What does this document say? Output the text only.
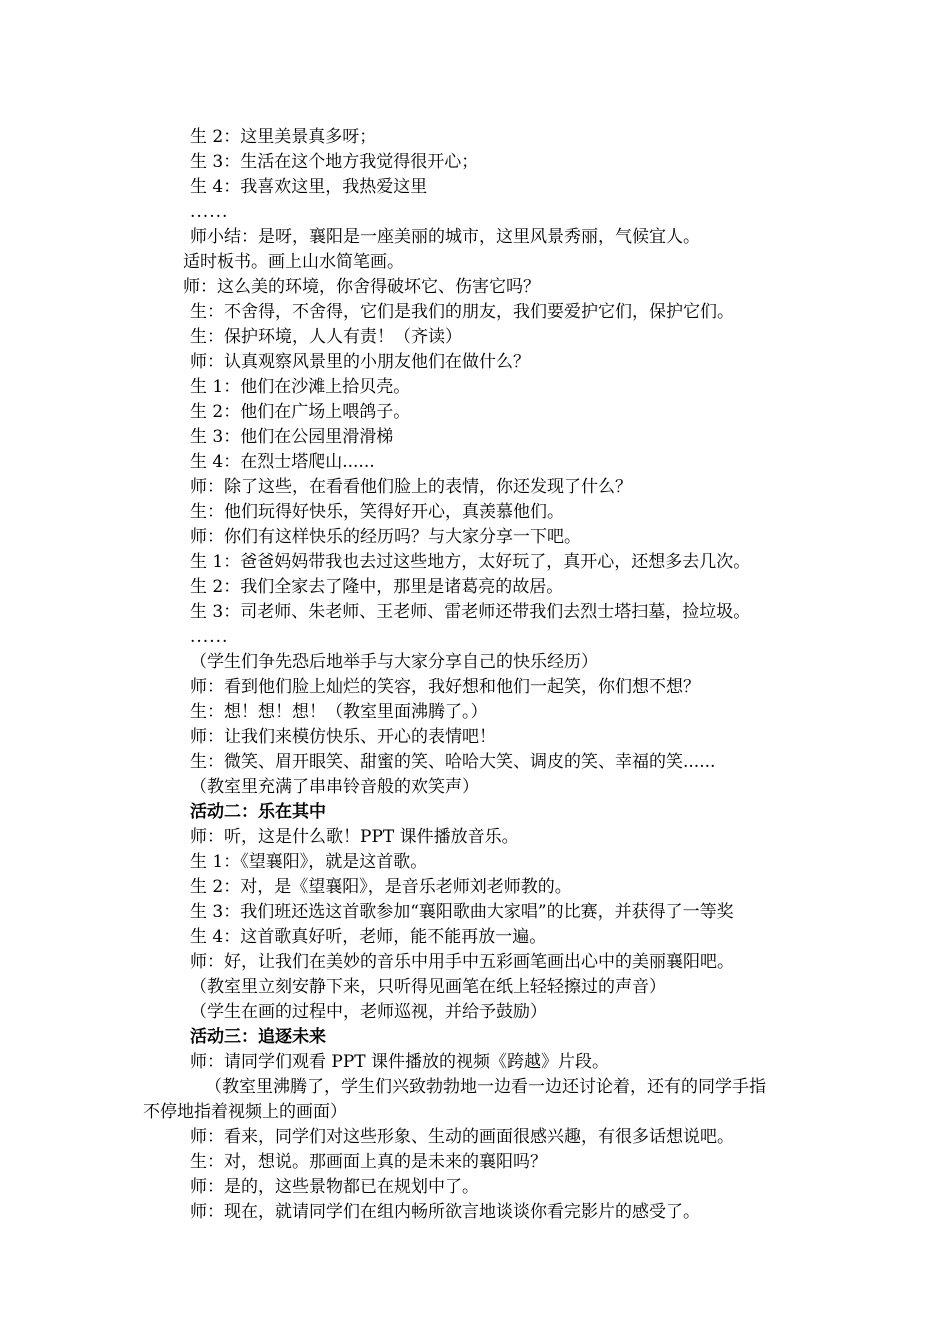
生 2：这里美景真多呀；
生 3：生活在这个地方我觉得很开心；
生 4：我喜欢这里，我热爱这里
......
师小结：是呀，襄阳是一座美丽的城市，这里风景秀丽，气候宜人。
适时板书。画上山水简笔画。
师：这么美的环境，你舍得破坏它、伤害它吗？
生：不舍得，不舍得，它们是我们的朋友，我们要爱护它们，保护它们。
生：保护环境，人人有责！（齐读）
师：认真观察风景里的小朋友他们在做什么？
生 1：他们在沙滩上拾贝壳。
生 2：他们在广场上喂鸽子。
生 3：他们在公园里滑滑梯
生 4：在烈士塔爬山......
师：除了这些，在看看他们脸上的表情，你还发现了什么？
生：他们玩得好快乐，笑得好开心，真羡慕他们。
师：你们有这样快乐的经历吗？与大家分享一下吧。
生 1：爸爸妈妈带我也去过这些地方，太好玩了，真开心，还想多去几次。
生 2：我们全家去了隆中，那里是诸葛亮的故居。
生 3：司老师、朱老师、王老师、雷老师还带我们去烈士塔扫墓，捡垃圾。
......
（学生们争先恐后地举手与大家分享自己的快乐经历）
师：看到他们脸上灿烂的笑容，我好想和他们一起笑，你们想不想？
生：想！想！想！（教室里面沸腾了。）
师：让我们来模仿快乐、开心的表情吧！
生：微笑、眉开眼笑、甜蜜的笑、哈哈大笑、调皮的笑、幸福的笑......
（教室里充满了串串铃音般的欢笑声）
活动二：乐在其中
师：听，这是什么歌！PPT 课件播放音乐。
生 1：《望襄阳》，就是这首歌。
生 2：对，是《望襄阳》，是音乐老师刘老师教的。
生 3：我们班还选这首歌参加“襄阳歌曲大家唱”的比赛，并获得了一等奖
生 4：这首歌真好听，老师，能不能再放一遍。
师：好，让我们在美妙的音乐中用手中五彩画笔画出心中的美丽襄阳吧。
（教室里立刻安静下来，只听得见画笔在纸上轻轻擦过的声音）
（学生在画的过程中，老师巡视，并给予鼓励）
活动三：追逐未来
师：请同学们观看 PPT 课件播放的视频《跨越》片段。
（教室里沸腾了，学生们兴致勃勃地一边看一边还讨论着，还有的同学手指
不停地指着视频上的画面）
师：看来，同学们对这些形象、生动的画面很感兴趣，有很多话想说吧。
生：对，想说。那画面上真的是未来的襄阳吗？
师：是的，这些景物都已在规划中了。
师：现在，就请同学们在组内畅所欲言地谈谈你看完影片的感受了。
